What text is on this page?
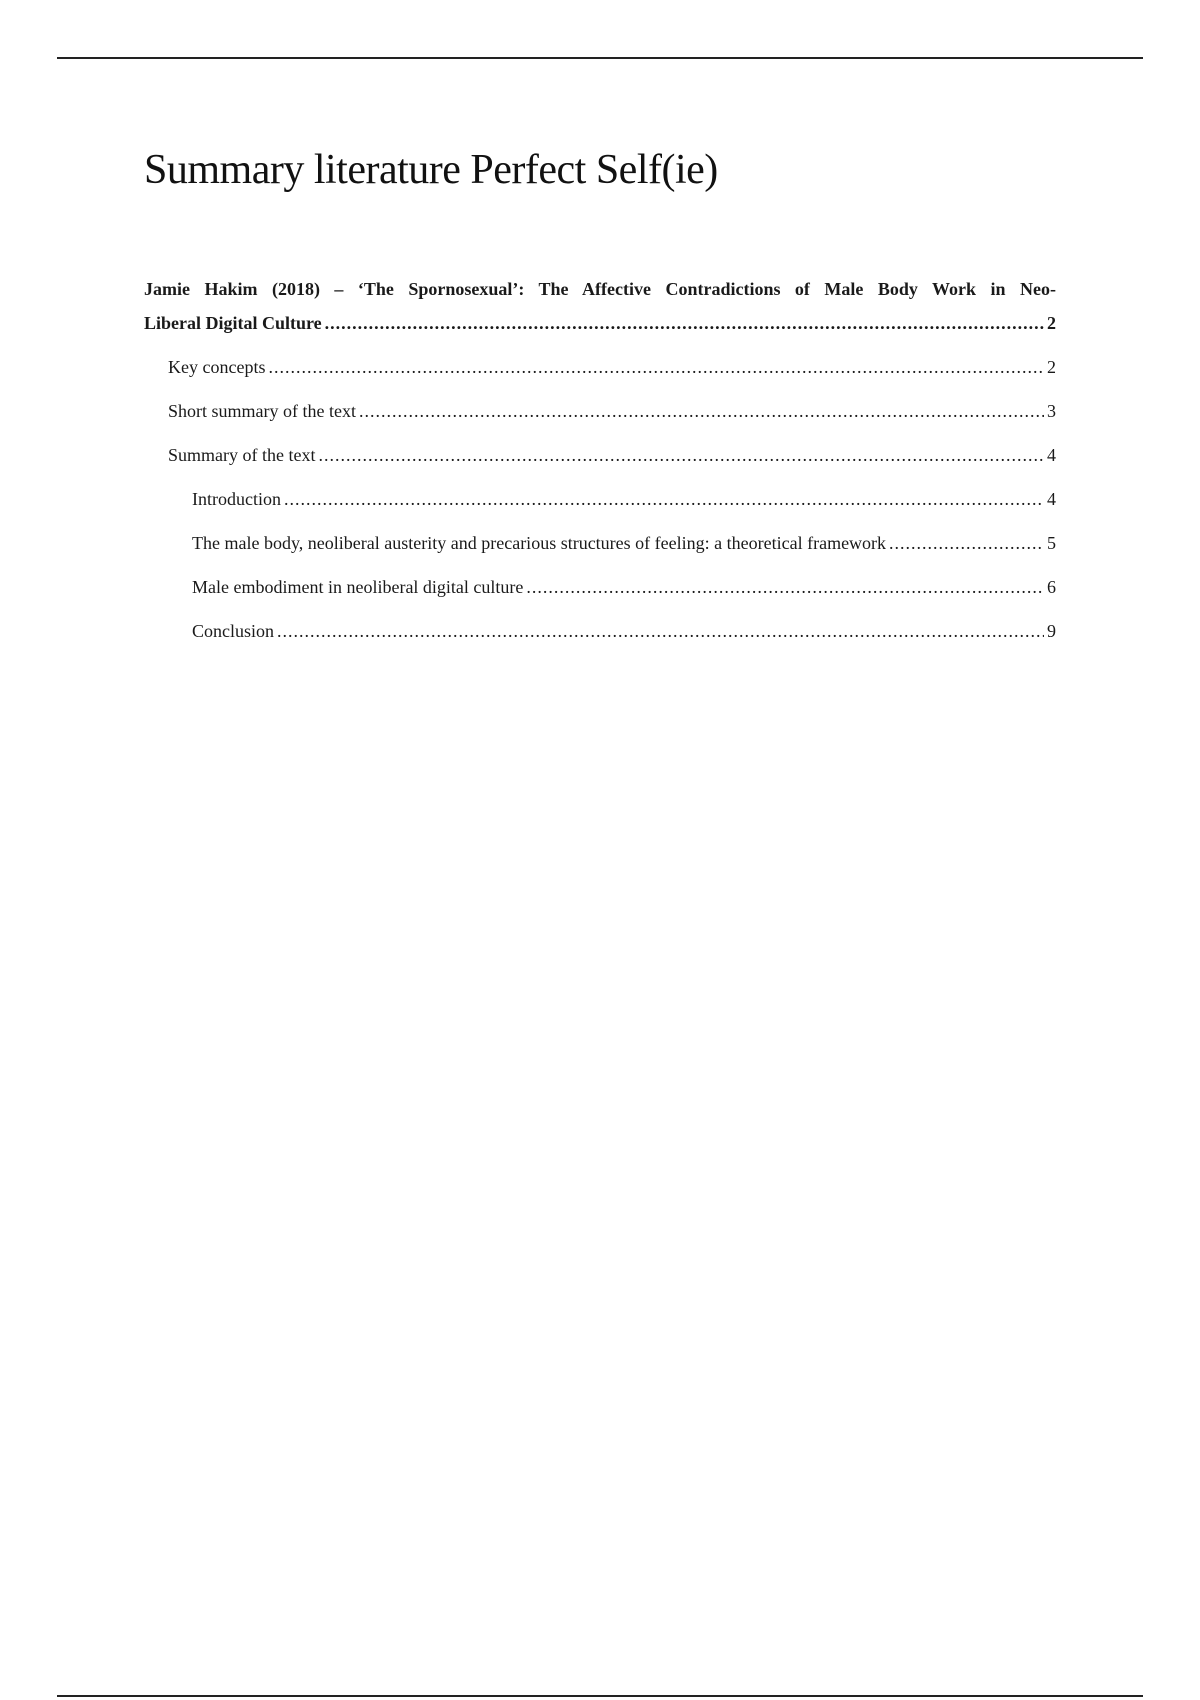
Summary literature Perfect Self(ie)
Jamie Hakim (2018) – ‘The Spornosexual’: The Affective Contradictions of Male Body Work in Neo-
Liberal Digital Culture .....	2
Key concepts .....	2
Short summary of the text .....	3
Summary of the text .....	4
Introduction .....	4
The male body, neoliberal austerity and precarious structures of feeling: a theoretical framework .....	5
Male embodiment in neoliberal digital culture .....	6
Conclusion .....	9
